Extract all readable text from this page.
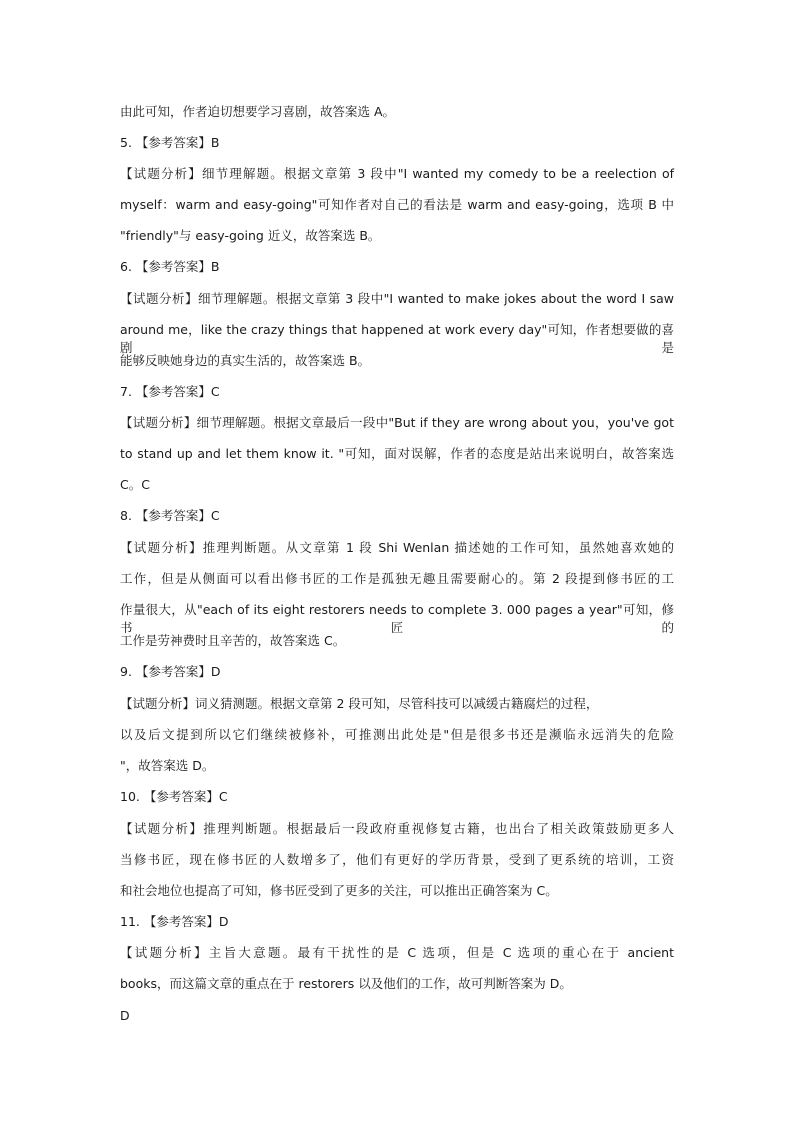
由此可知，作者迫切想要学习喜剧，故答案选 A。
5. 【参考答案】B
【试题分析】细节理解题。根据文章第 3 段中"I wanted my comedy to be a reelection of
myself：warm and easy-going"可知作者对自己的看法是 warm and easy-going，选项 B 中
"friendly"与 easy-going 近义，故答案选 B。
6. 【参考答案】B
【试题分析】细节理解题。根据文章第 3 段中"I wanted to make jokes about the word I saw
around me，like the crazy things that happened at work every day"可知，作者想要做的喜剧是
能够反映她身边的真实生活的，故答案选 B。
7. 【参考答案】C
【试题分析】细节理解题。根据文章最后一段中"But if they are wrong about you，you've got
to stand up and let them know it. "可知，面对误解，作者的态度是站出来说明白，故答案选
C。C
8. 【参考答案】C
【试题分析】推理判断题。从文章第 1 段 Shi Wenlan 描述她的工作可知，虽然她喜欢她的
工作，但是从侧面可以看出修书匠的工作是孤独无趣且需要耐心的。第 2 段提到修书匠的工
作量很大，从"each of its eight restorers needs to complete 3. 000 pages a year"可知，修书匠的
工作是劳神费时且辛苦的，故答案选 C。
9. 【参考答案】D
【试题分析】词义猜测题。根据文章第 2 段可知，尽管科技可以减缓古籍腐烂的过程，
以及后文提到所以它们继续被修补，可推测出此处是"但是很多书还是濒临永远消失的危险
"，故答案选 D。
10. 【参考答案】C
【试题分析】推理判断题。根据最后一段政府重视修复古籍，也出台了相关政策鼓励更多人
当修书匠，现在修书匠的人数增多了，他们有更好的学历背景，受到了更系统的培训，工资
和社会地位也提高了可知，修书匠受到了更多的关注，可以推出正确答案为 C。
11. 【参考答案】D
【试题分析】主旨大意题。最有干扰性的是 C 选项，但是 C 选项的重心在于 ancient
books，而这篇文章的重点在于 restorers 以及他们的工作，故可判断答案为 D。
D
